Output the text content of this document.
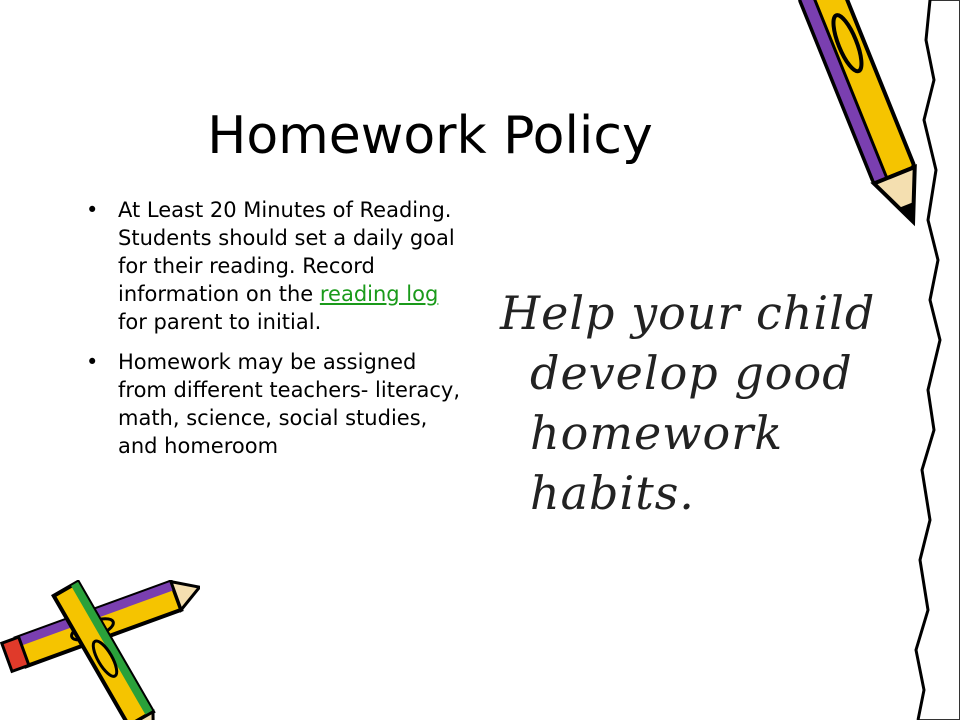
Homework Policy
• At Least 20 Minutes of Reading. Students should set a daily goal for their reading. Record information on the reading log for parent to initial.
• Homework may be assigned from different teachers- literacy, math, science, social studies, and homeroom
Help your child develop good homework habits.
